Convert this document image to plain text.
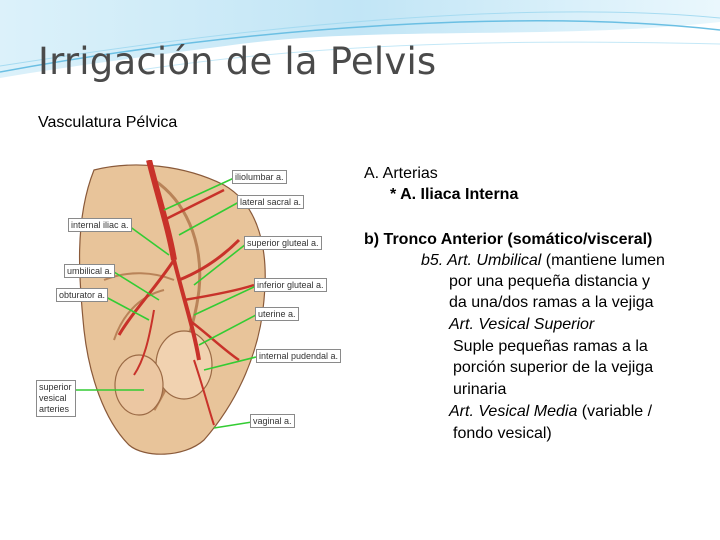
Irrigación de la Pelvis
Vasculatura Pélvica
iliolumbar a.
lateral sacral a.
internal iliac a.
superior gluteal a.
umbilical a.
obturator a.
inferior gluteal a.
uterine a.
internal pudendal a.
superior vesical arteries
vaginal a.
A. Arterias
* A. Iliaca Interna
b) Tronco Anterior (somático/visceral)
b5. Art. Umbilical (mantiene lumen
por una pequeña distancia y
da una/dos ramas a la vejiga
Art. Vesical Superior
Suple pequeñas ramas a la
porción superior de la vejiga
urinaria
Art. Vesical Media (variable /
fondo vesical)
